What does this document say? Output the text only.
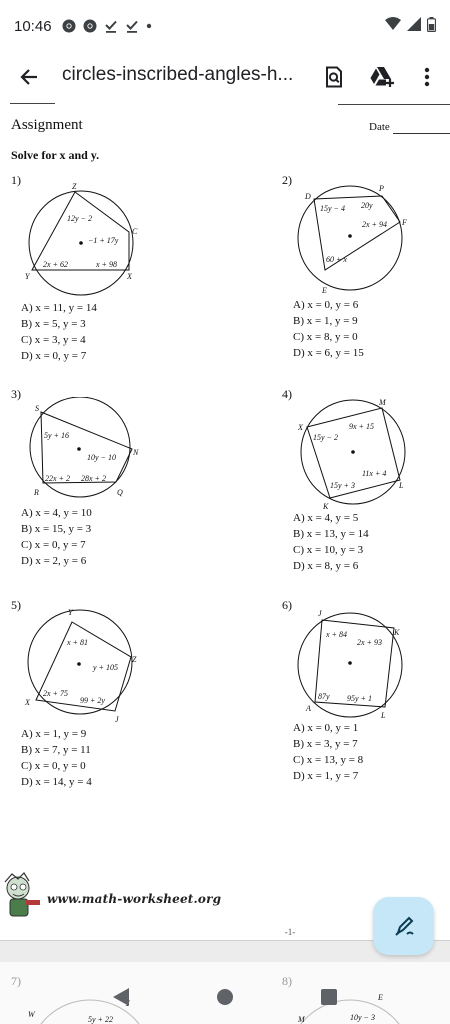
10:46
circles-inscribed-angles-h...
Assignment	Date
Solve for x and y.
1)	Z
C
X
Y
12y − 2
−1 + 17y
2x + 62	x + 98
A) x = 11, y = 14
B) x = 5, y = 3
C) x = 3, y = 4
D) x = 0, y = 7
2)
D
P
F
E
15y − 4 20y
2x + 94
60 + x
A) x = 0, y = 6
B) x = 1, y = 9
C) x = 8, y = 0
D) x = 6, y = 15
3)
S
N
Q
R
5y + 16
10y − 10
22x + 2 28x + 2
A) x = 4, y = 10
B) x = 15, y = 3
C) x = 0, y = 7
D) x = 2, y = 6
4)
X
M
L
K
9x + 15
15y − 2
11x + 4
15y + 3
A) x = 4, y = 5
B) x = 13, y = 14
C) x = 10, y = 3
D) x = 8, y = 6
5)
Y
Z
J
X
x + 81
y + 105
2x + 75
99 + 2y
A) x = 1, y = 9
B) x = 7, y = 11
C) x = 0, y = 0
D) x = 14, y = 4
6)
J
K
L
A
x + 84
2x + 93
87y 95y + 1
A) x = 0, y = 1
B) x = 3, y = 7
C) x = 13, y = 8
D) x = 1, y = 7
www.math-worksheet.org
-1-
7)	8)
W
M
E
5y + 22	10y − 3
